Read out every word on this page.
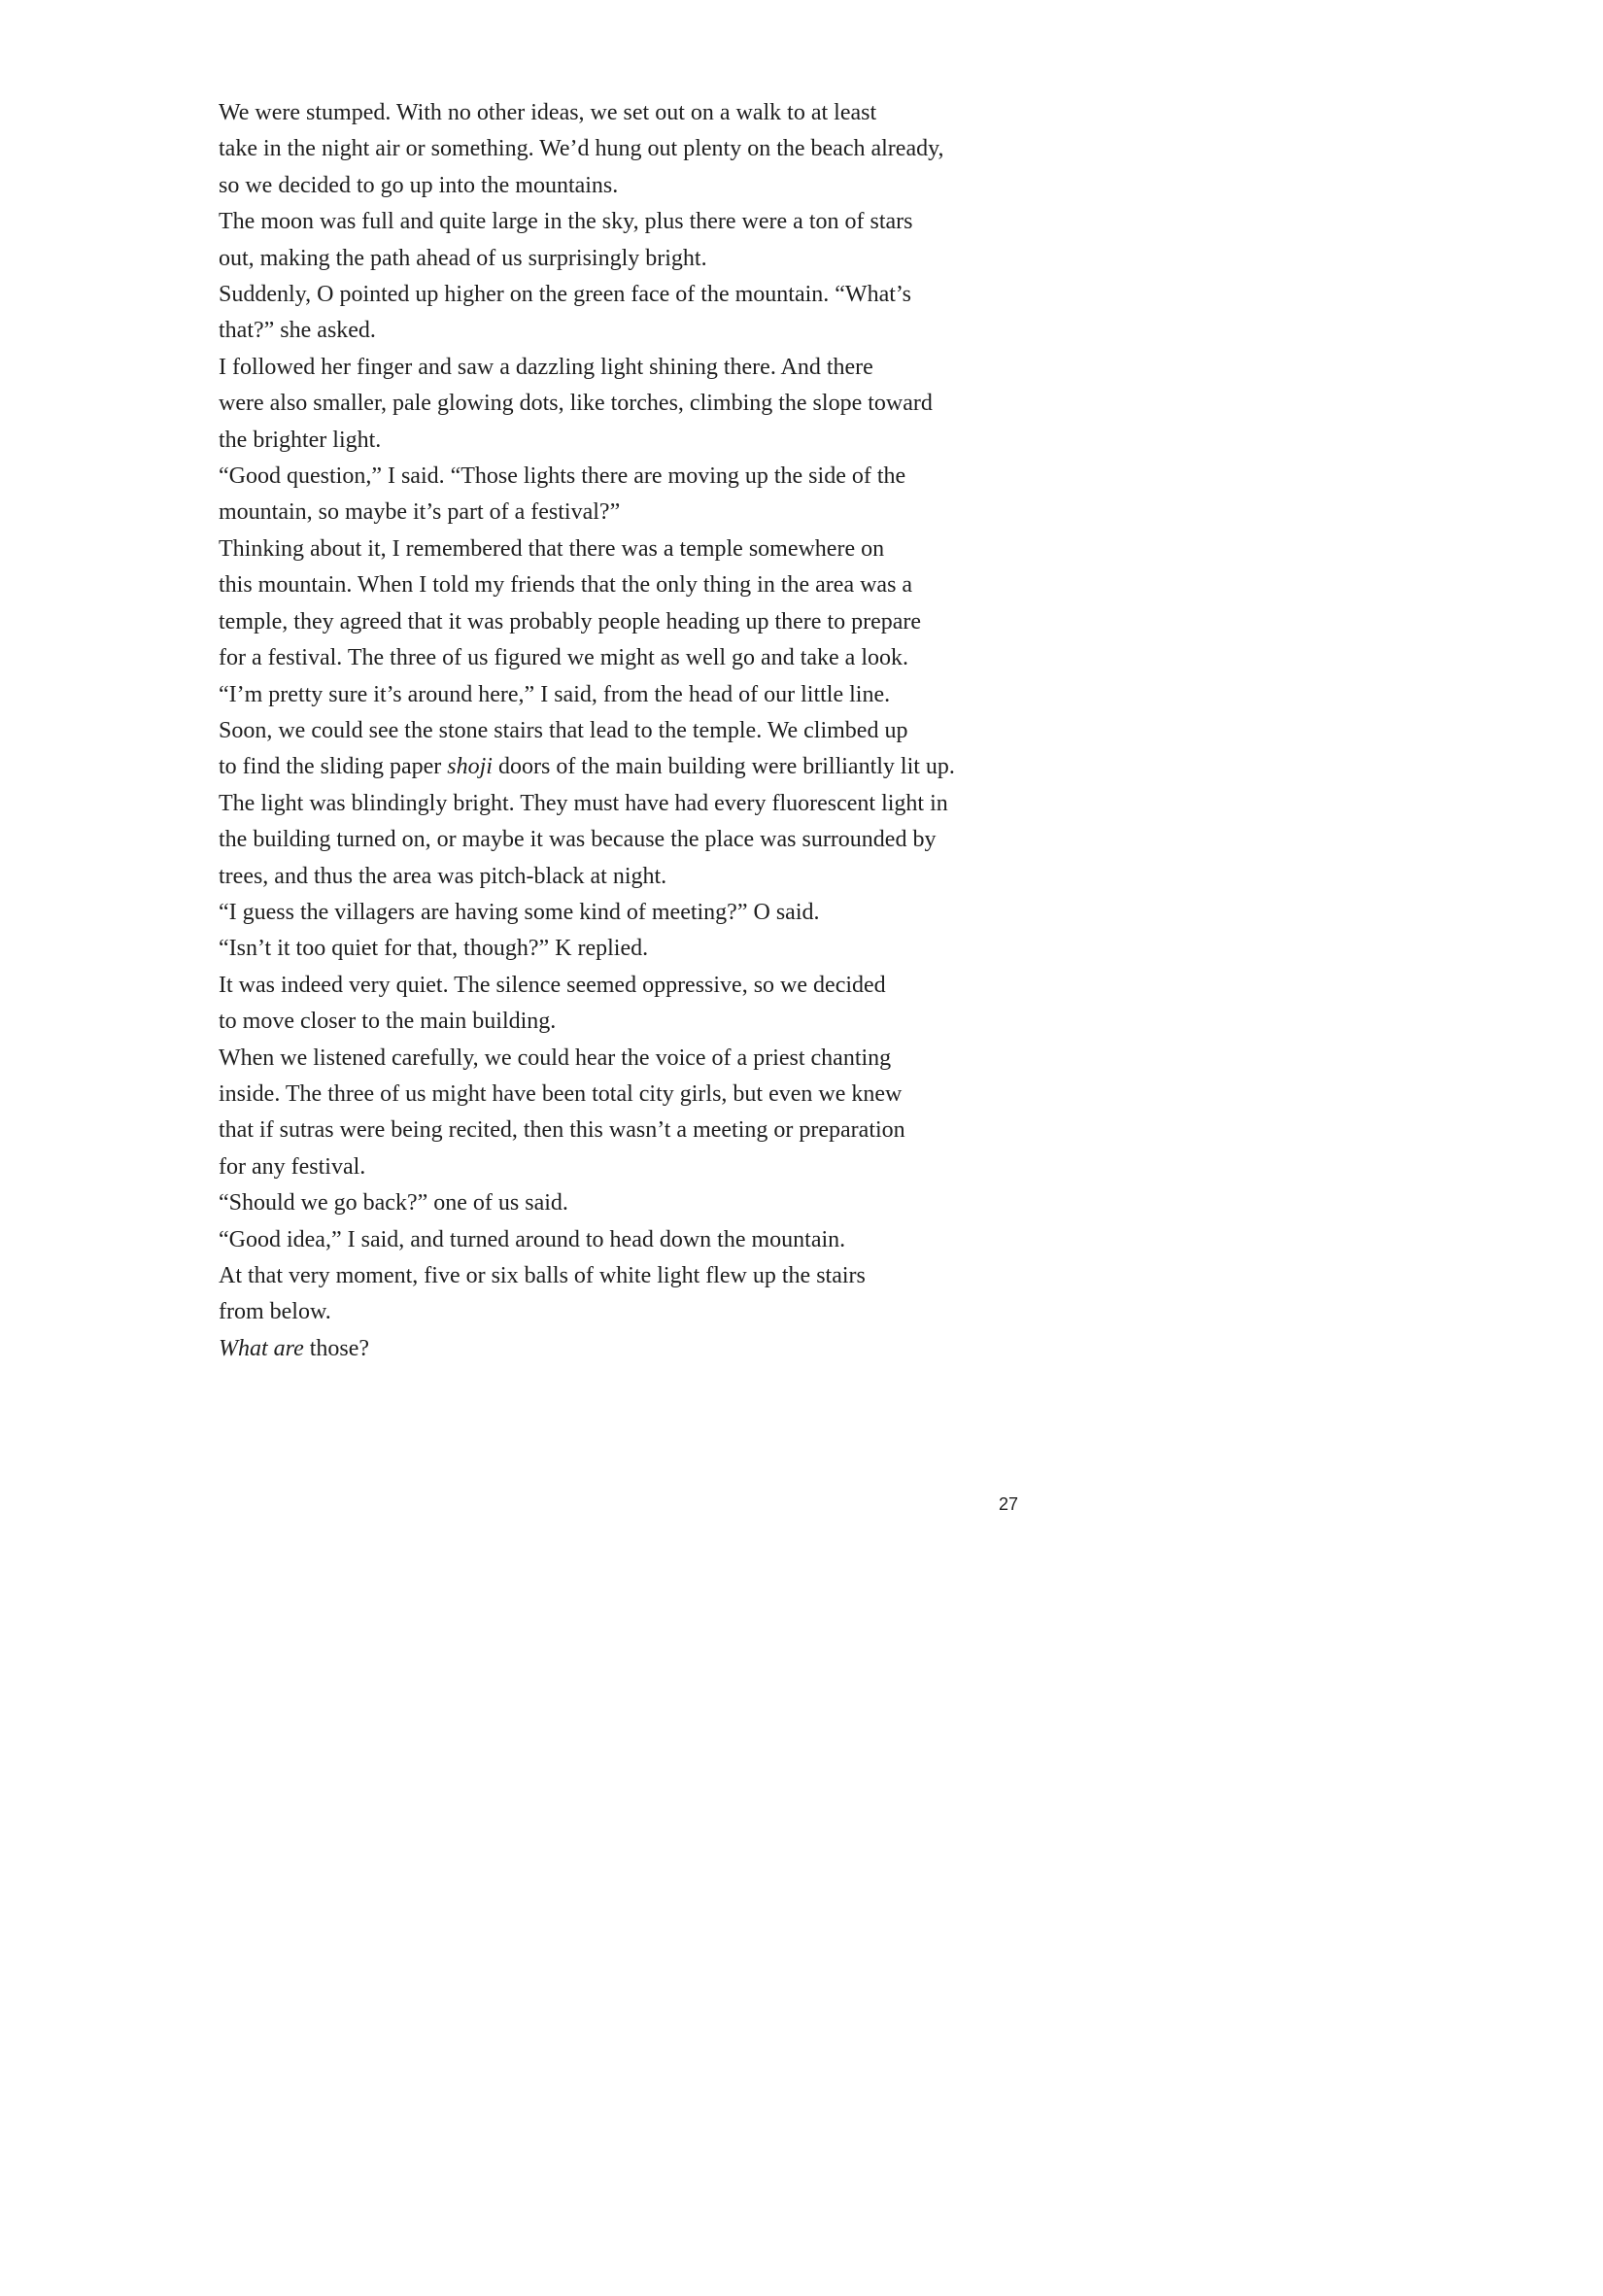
We were stumped. With no other ideas, we set out on a walk to at least
take in the night air or something. We’d hung out plenty on the beach already,
so we decided to go up into the mountains.

The moon was full and quite large in the sky, plus there were a ton of stars
out, making the path ahead of us surprisingly bright.

Suddenly, O pointed up higher on the green face of the mountain. “What’s
that?” she asked.

I followed her finger and saw a dazzling light shining there. And there
were also smaller, pale glowing dots, like torches, climbing the slope toward
the brighter light.

“Good question,” I said. “Those lights there are moving up the side of the
mountain, so maybe it’s part of a festival?”

Thinking about it, I remembered that there was a temple somewhere on
this mountain. When I told my friends that the only thing in the area was a
temple, they agreed that it was probably people heading up there to prepare
for a festival. The three of us figured we might as well go and take a look.

“I’m pretty sure it’s around here,” I said, from the head of our little line.

Soon, we could see the stone stairs that lead to the temple. We climbed up
to find the sliding paper shoji doors of the main building were brilliantly lit up.
The light was blindingly bright. They must have had every fluorescent light in
the building turned on, or maybe it was because the place was surrounded by
trees, and thus the area was pitch-black at night.

“I guess the villagers are having some kind of meeting?” O said.

“Isn’t it too quiet for that, though?” K replied.

It was indeed very quiet. The silence seemed oppressive, so we decided
to move closer to the main building.

When we listened carefully, we could hear the voice of a priest chanting
inside. The three of us might have been total city girls, but even we knew
that if sutras were being recited, then this wasn’t a meeting or preparation
for any festival.

“Should we go back?” one of us said.

“Good idea,” I said, and turned around to head down the mountain.

At that very moment, five or six balls of white light flew up the stairs
from below.

What are those?

27
